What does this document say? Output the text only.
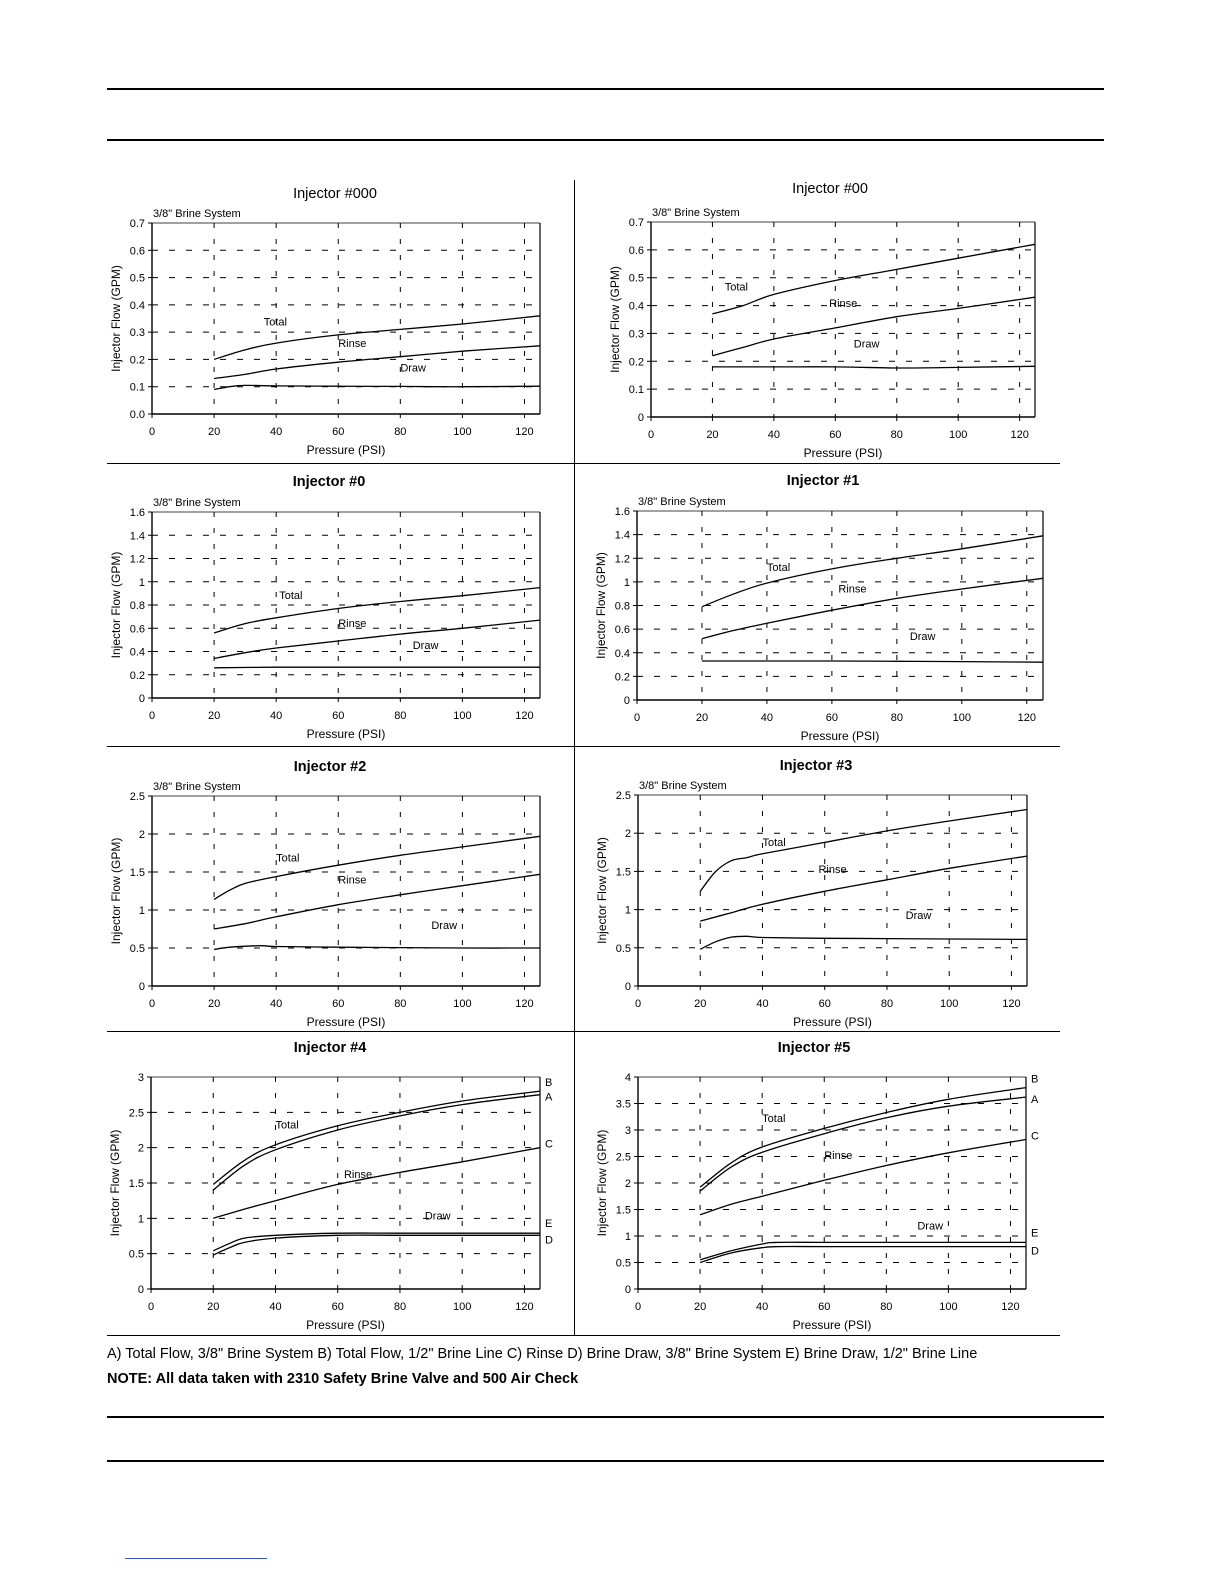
Injector #000
3/8" Brine System
0.0
0.1
0.2
0.3
0.4
0.5
0.6
0.7
0	20	40	60	80	100	120
Pressure (PSI)
Injector Flow (GPM)	Total
Rinse
Draw
Injector #00
3/8" Brine System
0
0.1
0.2
0.3
0.4
0.5
0.6
0.7
0	20	40	60	80	100	120
Pressure (PSI)
Injector Flow (GPM)	Total
Rinse
Draw
Injector #0
3/8" Brine System
0
0.2
0.4
0.6
0.8
1
1.2
1.4
1.6
0	20	40	60	80	100	120
Pressure (PSI)
Injector Flow (GPM)	Total
Rinse
Draw
Injector #1
3/8" Brine System
0
0.2
0.4
0.6
0.8
1
1.2
1.4
1.6
0	20	40	60	80	100	120
Pressure (PSI)
Injector Flow (GPM)	Total
Rinse
Draw
Injector #2
3/8" Brine System
0
0.5
1
1.5
2
2.5
0	20	40	60	80	100	120
Pressure (PSI)
Injector Flow (GPM)	Total
Rinse
Draw
Injector #3
3/8" Brine System
0
0.5
1
1.5
2
2.5
0	20	40	60	80	100	120
Pressure (PSI)
Injector Flow (GPM)	Total
Rinse
Draw
Injector #4
0
0.5
1
1.5
2
2.5
3
0	20	40	60	80	100	120
Pressure (PSI)
Injector Flow (GPM)
B
A
C
E
D
Total
Rinse
Draw
Injector #5
0
0.5
1
1.5
2
2.5
3
3.5
4
0	20	40	60	80	100	120
Pressure (PSI)
Injector Flow (GPM)
B
A
C
E
D
Total
Rinse
Draw
A) Total Flow, 3/8" Brine System B) Total Flow, 1/2" Brine Line C) Rinse D) Brine Draw, 3/8" Brine System E) Brine Draw, 1/2" Brine Line
NOTE: All data taken with 2310 Safety Brine Valve and 500 Air Check
